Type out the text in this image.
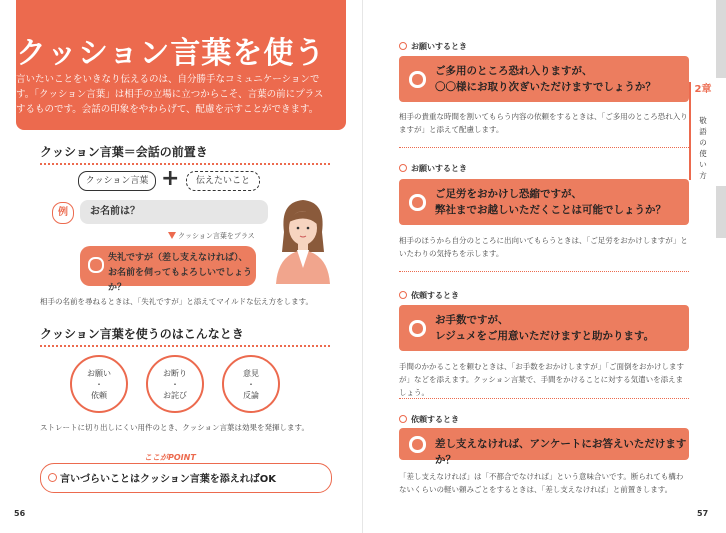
クッション言葉を使う
言いたいことをいきなり伝えるのは、自分勝手なコミュニケーションです。「クッション言葉」は相手の立場に立つからこそ、言葉の前にプラスするものです。会話の印象をやわらげて、配慮を示すことができます。
クッション言葉＝会話の前置き
クッション言葉 +	伝えたいこと
例	お名前は？
クッション言葉をプラス
失礼ですが（差し支えなければ）、
お名前を伺ってもよろしいでしょうか？
相手の名前を尋ねるときは、「失礼ですが」と添えてマイルドな伝え方をします。
クッション言葉を使うのはこんなとき
お願い
・
依頼
お断り
・
お詫び
意見
・
反論
ストレートに切り出しにくい用件のとき、クッション言葉は効果を発揮します。
ここがPOINT
言いづらいことはクッション言葉を添えればOK
56
お願いするとき
ご多用のところ恐れ入りますが、
〇〇様にお取り次ぎいただけますでしょうか？
相手の貴重な時間を割いてもらう内容の依頼をするときは、「ご多用のところ恐れ入りますが」と添えて配慮します。
お願いするとき
ご足労をおかけし恐縮ですが、
弊社までお越しいただくことは可能でしょうか？
相手のほうから自分のところに出向いてもらうときは、「ご足労をおかけしますが」といたわりの気持ちを示します。
依頼するとき
お手数ですが、
レジュメをご用意いただけますと助かります。
手間のかかることを頼むときは、「お手数をおかけしますが」「ご面倒をおかけしますが」などを添えます。クッション言葉で、手間をかけることに対する気遣いを添えましょう。
依頼するとき
差し支えなければ、アンケートにお答えいただけますか？
「差し支えなければ」は「不都合でなければ」という意味合いです。断られても構わないくらいの軽い頼みごとをするときは、「差し支えなければ」と前置きします。
2章
敬語の使い方
57
